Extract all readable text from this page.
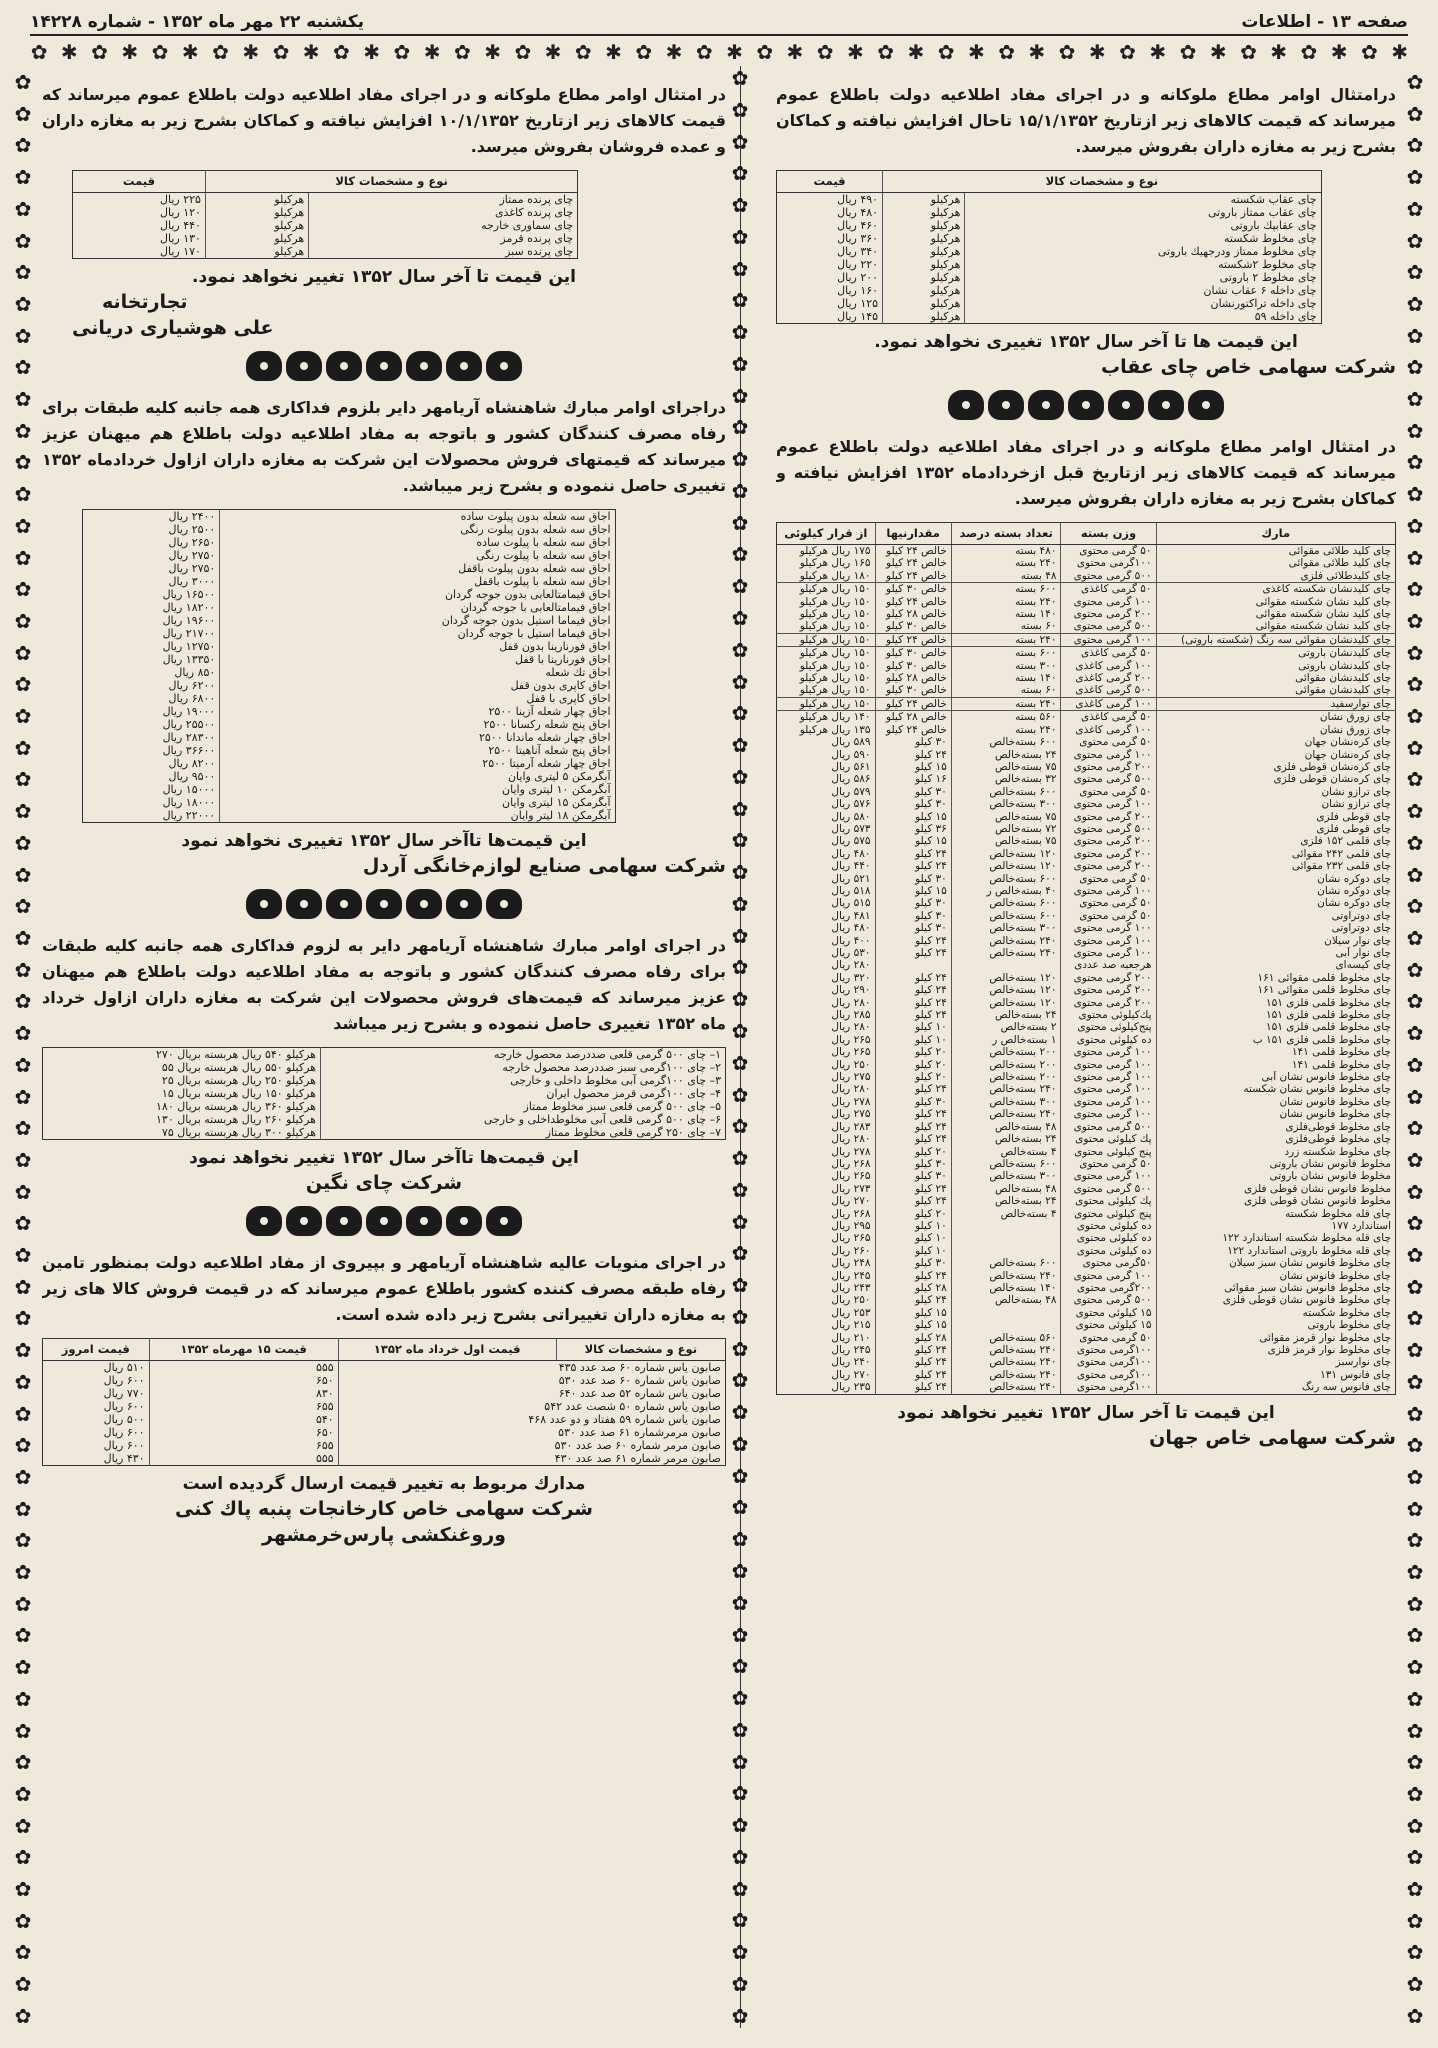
صفحه ۱۳ - اطلاعات
یکشنبه ۲۲ مهر ماه ۱۳۵۲ - شماره ۱۴۲۲۸
✱
✿
✱
✿
✱
✿
✱
✿
✱
✿
✱
✿
✱
✿
✱
✿
✱
✿
✱
✿
✱
✿
✱
✿
✱
✿
✱
✿
✱
✿
✱
✿
✱
✿
✱
✿
✱
✿
✱
✿
✱
✿
✱
✿
✱
✿
✿
✿
✿
✿
✿
✿
✿
✿
✿
✿
✿
✿
✿
✿
✿
✿
✿
✿
✿
✿
✿
✿
✿
✿
✿
✿
✿
✿
✿
✿
✿
✿
✿
✿
✿
✿
✿
✿
✿
✿
✿
✿
✿
✿
✿
✿
✿
✿
✿
✿
✿
✿
✿
✿
✿
✿
✿
✿
✿
✿
✿
✿
✿
✿
✿
✿
✿
✿
✿
✿
✿
✿
✿
✿
✿
✿
✿
✿
✿
✿
✿
✿
✿
✿
✿
✿
✿
✿
✿
✿
✿
✿
✿
✿
✿
✿
✿
✿
✿
✿
✿
✿
✿
✿
✿
✿
✿
✿
✿
✿
✿
✿
✿
✿
✿
✿
✿
✿
✿
✿
✿
✿
✿
✿
✿
✿
✿
✿
✿
✿
✿
✿
✿
✿
✿
✿
✿
✿
✿
✿
✿
✿
✿
✿
✿
✿
✿
✿
✿
✿
✿
✿
✿
✿
✿
✿
✿
✿
✿
✿
✿
✿
✿
✿
✿
✿
✿
✿
✿
✿
✿
✿
✿
✿
✿
✿
✿
✿
✿
✿
✿
✿
✿
✿
✿
✿

درامتثال اوامر مطاع ملوکانه و در اجرای مفاد اطلاعیه دولت باطلاع عموم میرساند که قیمت کالاهای زیر ازتاریخ ۱۵/۱/۱۳۵۲ تاحال افزایش نیافته و کماکان بشرح زیر به مغازه داران بفروش میرسد.

نوع و مشخصات کالا		قیمت
چای عقاب شکسته	هرکیلو	۴۹۰ ریال
چای عقاب ممتاز باروتی	هرکیلو	۴۸۰ ریال
چای عقابپك باروتی	هرکیلو	۴۶۰ ریال
چای مخلوط شکسته	هرکیلو	۳۶۰ ریال
چای مخلوط ممتاز ودرجهیك باروتی	هرکیلو	۳۴۰ ریال
چای مخلوط ۲شکسته	هرکیلو	۲۲۰ ریال
چای مخلوط ۲ باروتی	هرکیلو	۲۰۰ ریال
چای داخله ۶ عقاب نشان	هرکیلو	۱۶۰ ریال
چای داخله تراکتورنشان	هرکیلو	۱۲۵ ریال
چای داخله ۵۹	هرکیلو	۱۴۵ ریال
این قیمت ها تا آخر سال ۱۳۵۲ تغییری نخواهد نمود.
شرکت سهامی خاص چای عقاب

در امتثال اوامر مطاع ملوکانه و در اجرای مفاد اطلاعیه دولت باطلاع عموم میرساند که قیمت کالاهای زیر ازتاریخ قبل ازخردادماه ۱۳۵۲ افزایش نیافته و کماکان بشرح زیر به مغازه داران بفروش میرسد.

مارك	وزن بسته	تعداد بسته درصد	مقدارنیها	از قرار کیلوئی
چای کلید طلائی مقوائی	۵۰ گرمی محتوی	۴۸۰ بسته	خالص ۲۴ کیلو	۱۷۵ ریال هرکیلو
چای کلید طلائی مقوائی	۱۰۰گرمی محتوی	۲۴۰ بسته	خالص ۲۴ کیلو	۱۶۵ ریال هرکیلو
چای کلیدطلائی فلزی	۵۰۰ گرمی محتوی	۴۸ بسته	خالص ۲۴ کیلو	۱۸۰ ریال هرکیلو
چای کلیدنشان شکسته کاغذی	۵۰ گرمی کاغذی	۶۰۰ بسته	خالص ۳۰ کیلو	۱۵۰ ریال هرکیلو
چای کلید نشان شکسته مقوائی	۱۰۰ گرمی محتوی	۲۴۰ بسته	خالص ۲۴ کیلو	۱۵۰ ریال هرکیلو
چای کلید نشان شکسته مقوائی	۲۰۰ گرمی محتوی	۱۴۰ بسته	خالص ۲۸ کیلو	۱۵۰ ریال هرکیلو
چای کلید نشان شکسته مقوائی	۵۰۰ گرمی محتوی	۶۰ بسته	خالص ۳۰ کیلو	۱۵۰ ریال هرکیلو
چای کلیدنشان مقوائی سه رنگ (شکسته باروتی)	۱۰۰ گرمی محتوی	۲۴۰ بسته	خالص ۲۴ کیلو	۱۵۰ ریال هرکیلو
چای کلیدنشان باروتی	۵۰ گرمی کاغذی	۶۰۰ بسته	خالص ۳۰ کیلو	۱۵۰ ریال هرکیلو
چای کلیدنشان باروتی	۱۰۰ گرمی کاغذی	۳۰۰ بسته	خالص ۳۰ کیلو	۱۵۰ ریال هرکیلو
چای کلیدنشان مقوائی	۲۰۰ گرمی کاغذی	۱۴۰ بسته	خالص ۲۸ کیلو	۱۵۰ ریال هرکیلو
چای کلیدنشان مقوائی	۵۰۰ گرمی کاغذی	۶۰ بسته	خالص ۳۰ کیلو	۱۵۰ ریال هرکیلو
چای توارسفید	۱۰۰ گرمی کاغذی	۲۴۰ بسته	خالص ۲۴ کیلو	۱۵۰ ریال هرکیلو
چای زورق نشان	۵۰ گرمی کاغذی	۵۶۰ بسته	خالص ۲۸ کیلو	۱۴۰ ریال هرکیلو
چای زورق نشان	۱۰۰ گرمی کاغذی	۲۴۰ بسته	خالص ۲۴ کیلو	۱۳۵ ریال هرکیلو
چای کره‌نشان جهان	۵۰ گرمی محتوی	۶۰۰ بسته‌خالص	۳۰ کیلو	۵۸۹ ریال
چای کره‌نشان جهان	۱۰۰ گرمی محتوی	۲۴ بسته‌خالص	۲۴ کیلو	۵۹۰ ریال
چای کره‌نشان قوطی فلزی	۲۰۰ گرمی محتوی	۷۵ بسته‌خالص	۱۵ کیلو	۵۶۱ ریال
چای کره‌نشان قوطی فلزی	۵۰۰ گرمی محتوی	۳۲ بسته‌خالص	۱۶ کیلو	۵۸۶ ریال
چای ترازو نشان	۵۰ گرمی محتوی	۶۰۰ بسته‌خالص	۳۰ کیلو	۵۷۹ ریال
چای ترازو نشان	۱۰۰ گرمی محتوی	۳۰۰ بسته‌خالص	۳۰ کیلو	۵۷۶ ریال
چای قوطی فلزی	۲۰۰ گرمی محتوی	۷۵ بسته‌خالص	۱۵ کیلو	۵۸۰ ریال
چای قوطی فلزی	۵۰۰ گرمی محتوی	۷۲ بسته‌خالص	۳۶ کیلو	۵۷۳ ریال
چای قلمی ۱۵۲ فلزی	۲۰۰ گرمی محتوی	۷۵ بسته‌خالص	۱۵ کیلو	۵۷۵ ریال
چای قلمی ۲۴۲ مقوائی	۲۰۰ گرمی محتوی	۱۲۰ بسته‌خالص	۲۴ کیلو	۴۸۰ ریال
چای قلمی ۲۳۲ مقوائی	۲۰۰ گرمی محتوی	۱۲۰ بسته‌خالص	۲۴ کیلو	۴۴۰ ریال
چای دوکره نشان	۵۰ گرمی محتوی	۶۰۰ بسته‌خالص	۳۰ کیلو	۵۲۱ ریال
چای دوکره نشان	۱۰۰ گرمی محتوی	۴۰ بسته‌خالص ر	۱۵ کیلو	۵۱۸ ریال
چای دوکره نشان	۵۰ گرمی محتوی	۶۰۰ بسته‌خالص	۳۰ کیلو	۵۱۵ ریال
چای دوتراوتی	۵۰ گرمی محتوی	۶۰۰ بسته‌خالص	۳۰ کیلو	۴۸۱ ریال
چای دوتراوتی	۱۰۰ گرمی محتوی	۳۰۰ بسته‌خالص	۳۰ کیلو	۴۸۰ ریال
چای نوار سیلان	۱۰۰ گرمی محتوی	۲۴۰ بسته‌خالص	۲۴ کیلو	۴۰۰ ریال
چای نوار آبی	۱۰۰ گرمی محتوی	۲۴۰ بسته‌خالص	۲۴ کیلو	۵۳۰ ریال
چای کیسه‌ای	هرجعبه صد عددی			۲۸۰ ریال
چای مخلوط قلمی مقوائی ۱۶۱	۲۰۰ گرمی محتوی	۱۲۰ بسته‌خالص	۲۴ کیلو	۳۲۰ ریال
چای مخلوط قلمی مقوائی ۱۶۱	۲۰۰ گرمی محتوی	۱۲۰ بسته‌خالص	۲۴ کیلو	۲۹۰ ریال
چای مخلوط قلمی فلزی ۱۵۱	۲۰۰ گرمی محتوی	۱۲۰ بسته‌خالص	۲۴ کیلو	۲۸۰ ریال
چای مخلوط قلمی فلزی ۱۵۱	پك‌کیلوئی محتوی	۲۴ بسته‌خالص	۲۴ کیلو	۲۸۵ ریال
چای مخلوط قلمی فلزی ۱۵۱	پنج‌کیلوئی محتوی	۲ بسته‌خالص	۱۰ کیلو	۲۸۰ ریال
چای مخلوط قلمی فلزی ۱۵۱ ب	ده کیلوئی محتوی	۱ بسته‌خالص ر	۱۰ کیلو	۲۶۵ ریال
چای مخلوط قلمی ۱۴۱	۱۰۰ گرمی محتوی	۲۰۰ بسته‌خالص	۲۰ کیلو	۲۶۵ ریال
چای مخلوط قلمی ۱۴۱	۱۰۰ گرمی محتوی	۲۰۰ بسته‌خالص	۲۰ کیلو	۲۵۰ ریال
چای مخلوط فانوس نشان آبی	۱۰۰ گرمی محتوی	۲۰۰ بسته‌خالص	۲۰ کیلو	۲۷۵ ریال
چای مخلوط فانوس نشان شکسته	۱۰۰ گرمی محتوی	۲۴۰ بسته‌خالص	۲۴ کیلو	۲۸۰ ریال
چای مخلوط فانوس نشان	۱۰۰ گرمی محتوی	۳۰۰ بسته‌خالص	۳۰ کیلو	۲۷۸ ریال
چای مخلوط فانوس نشان	۱۰۰ گرمی محتوی	۲۴۰ بسته‌خالص	۲۴ کیلو	۲۷۵ ریال
چای مخلوط قوطی‌فلزی	۵۰۰ گرمی محتوی	۴۸ بسته‌خالص	۲۴ کیلو	۲۸۳ ریال
چای مخلوط قوطی‌فلزی	پك کیلوئی محتوی	۲۴ بسته‌خالص	۲۴ کیلو	۲۸۰ ریال
چای مخلوط شکسته زرد	پنج کیلوئی محتوی	۴ بسته‌خالص	۲۰ کیلو	۲۷۸ ریال
مخلوط فانوس نشان باروتی	۵۰ گرمی محتوی	۶۰۰ بسته‌خالص	۳۰ کیلو	۲۶۸ ریال
مخلوط فانوس نشان باروتی	۱۰۰ گرمی محتوی	۳۰۰ بسته‌خالص	۳۰ کیلو	۲۶۵ ریال
مخلوط فانوس نشان قوطی فلزی	۵۰۰ گرمی محتوی	۴۸ بسته‌خالص	۲۴ کیلو	۲۷۳ ریال
مخلوط فانوس نشان قوطی فلزی	پك کیلوئی محتوی	۲۴ بسته‌خالص	۲۴ کیلو	۲۷۰ ریال
چای قله مخلوط شکسته	پنج کیلوئی محتوی	۴ بسته‌خالص	۲۰ کیلو	۲۶۸ ریال
استاندارد ۱۷۷	ده کیلوئی محتوی		۱۰ کیلو	۲۹۵ ریال
چای قله مخلوط شکسته استاندارد ۱۲۲	ده کیلوئی محتوی		۱۰ کیلو	۲۶۵ ریال
چای قله مخلوط باروتی استاندارد ۱۲۲	ده کیلوئی محتوی		۱۰ کیلو	۲۶۰ ریال
چای مخلوط فانوس نشان سبز سیلان	۵۰گرمی محتوی	۶۰۰ بسته‌خالص	۳۰ کیلو	۲۴۸ ریال
چای مخلوط فانوس نشان	۱۰۰ گرمی محتوی	۲۴۰ بسته‌خالص	۲۴ کیلو	۲۴۵ ریال
چای مخلوط فانوس نشان سبز مقوائی	۲۰۰گرمی محتوی	۱۴۰ بسته‌خالص	۲۸ کیلو	۲۴۳ ریال
چای مخلوط فانوس نشان قوطی فلزی	۵۰۰ گرمی محتوی	۴۸ بسته‌خالص	۲۴ کیلو	۲۵۰ ریال
چای مخلوط شکسته	۱۵ کیلوئی محتوی		۱۵ کیلو	۲۵۳ ریال
چای مخلوط باروتی	۱۵ کیلوئی محتوی		۱۵ کیلو	۲۱۵ ریال
چای مخلوط نوار قرمز مقوائی	۵۰ گرمی محتوی	۵۶۰ بسته‌خالص	۲۸ کیلو	۲۱۰ ریال
چای مخلوط نوار قرمز فلزی	۱۰۰گرمی محتوی	۲۴۰ بسته‌خالص	۲۴ کیلو	۲۴۵ ریال
چای نوارسبز	۱۰۰گرمی محتوی	۲۴۰ بسته‌خالص	۲۴ کیلو	۲۴۰ ریال
چای فانوس ۱۳۱	۱۰۰گرمی محتوی	۲۴۰ بسته‌خالص	۲۴ کیلو	۲۷۰ ریال
چای فانوس سه رنگ	۱۰۰گرمی محتوی	۲۴۰ بسته‌خالص	۲۴ کیلو	۲۳۵ ریال
این قیمت تا آخر سال ۱۳۵۲ تغییر نخواهد نمود
شرکت سهامی خاص جهان

در امتثال اوامر مطاع ملوکانه و در اجرای مفاد اطلاعیه دولت باطلاع عموم میرساند که قیمت کالاهای زیر ازتاریخ ۱۰/۱/۱۳۵۲ افزایش نیافته و کماکان بشرح زیر به مغازه داران و عمده فروشان بفروش میرسد.

نوع و مشخصات کالا		قیمت
چای پرنده ممتاز	هرکیلو	۲۲۵ ریال
چای پرنده کاغذی	هرکیلو	۱۲۰ ریال
چای سماوری خارجه	هرکیلو	۴۴۰ ریال
چای پرنده قرمز	هرکیلو	۱۳۰ ریال
چای پرنده سبز	هرکیلو	۱۷۰ ریال
این قیمت تا آخر سال ۱۳۵۲ تغییر نخواهد نمود.
تجارتخانه
علی هوشیاری دریانی

دراجرای اوامر مبارك شاهنشاه آریامهر دایر بلزوم فداکاری همه جانبه کلیه طبقات برای رفاه مصرف کنندگان کشور و باتوجه به مفاد اطلاعیه دولت باطلاع هم میهنان عزیز میرساند که قیمتهای فروش محصولات این شرکت به مغازه داران ازاول خردادماه ۱۳۵۲ تغییری حاصل ننموده و بشرح زیر میباشد.

اجاق سه شعله بدون پیلوت ساده	۲۴۰۰ ریال
اجاق سه شعله بدون پیلوت رنگی	۲۵۰۰ ریال
اجاق سه شعله با پیلوت ساده	۲۶۵۰ ریال
اجاق سه شعله با پیلوت رنگی	۲۷۵۰ ریال
اجاق سه شعله بدون پیلوت باقفل	۲۷۵۰ ریال
اجاق سه شعله با پیلوت باقفل	۳۰۰۰ ریال
اجاق فیمامتالعابی بدون جوجه گردان	۱۶۵۰۰ ریال
اجاق فیمامتالعابی با جوجه گردان	۱۸۲۰۰ ریال
اجاق فیماما استیل بدون جوجه گردان	۱۹۶۰۰ ریال
اجاق فیماما استیل با جوجه گردان	۲۱۷۰۰ ریال
اجاق فورنارینا بدون قفل	۱۲۷۵۰ ریال
اجاق فورنارینا با قفل	۱۳۳۵۰ ریال
اجاق تك شعله	۸۵۰ ریال
اجاق کاپری بدون قفل	۶۲۰۰ ریال
اجاق کاپری با قفل	۶۸۰۰ ریال
اجاق چهار شعله آزینا ۲۵۰۰	۱۹۰۰۰ ریال
اجاق پنج شعله رکسانا ۲۵۰۰	۲۵۵۰۰ ریال
اجاق چهار شعله ماندانا ۲۵۰۰	۲۸۳۰۰ ریال
اجاق پنج شعله آناهیتا ۲۵۰۰	۳۶۶۰۰ ریال
اجاق چهار شعله آرمیتا ۲۵۰۰	۸۲۰۰ ریال
آبگرمکن ۵ لیتری وایان	۹۵۰۰ ریال
آبگرمکن ۱۰ لیتری وایان	۱۵۰۰۰ ریال
آبگرمکن ۱۵ لیتری وایان	۱۸۰۰۰ ریال
آبگرمکن ۱۸ لیتر وایان	۲۲۰۰۰ ریال
این قیمت‌ها تاآخر سال ۱۳۵۲ تغییری نخواهد نمود
شرکت سهامی صنایع لوازم‌خانگی آردل

در اجرای اوامر مبارك شاهنشاه آریامهر دایر به لزوم فداکاری همه جانبه کلیه طبقات برای رفاه مصرف کنندگان کشور و باتوجه به مفاد اطلاعیه دولت باطلاع هم میهنان عزیز میرساند که قیمت‌های فروش محصولات این شرکت به مغازه داران ازاول خرداد ماه ۱۳۵۲ تغییری حاصل ننموده و بشرح زیر میباشد

۱– چای ۵۰۰ گرمی قلعی صددرصد محصول خارجه	هرکیلو ۵۴۰ ریال هربسته بریال ۲۷۰
۲– چای ۱۰۰گرمی سبز صددرصد محصول خارجه	هرکیلو ۵۵۰ ریال هربسته بریال ۵۵
۳– چای ۱۰۰گرمی آبی مخلوط داخلی و خارجی	هرکیلو ۲۵۰ ریال هربسته بریال ۲۵
۴– چای ۱۰۰گرمی قرمز محصول ایران	هرکیلو ۱۵۰ ریال هربسته بریال ۱۵
۵– چای ۵۰۰ گرمی قلعی سبز مخلوط ممتاز	هرکیلو ۳۶۰ ریال هربسته بریال ۱۸۰
۶– چای ۵۰۰ گرمی قلعی آبی مخلوطداخلی و خارجی	هرکیلو ۲۶۰ ریال هربسته بریال ۱۳۰
۷– چای ۲۵۰ گرمی قلعی مخلوط ممتاز	هرکیلو ۳۰۰ ریال هربسته بریال ۷۵
این قیمت‌ها تاآخر سال ۱۳۵۲ تغییر نخواهد نمود
شرکت چای نگین

در اجرای منویات عالیه شاهنشاه آریامهر و بپیروی از مفاد اطلاعیه دولت بمنظور تامین رفاه طبقه مصرف کننده کشور باطلاع عموم میرساند که در قیمت فروش کالا های زیر به مغازه داران تغییراتی بشرح زیر داده شده است.

نوع و مشخصات کالا	قیمت اول خرداد ماه ۱۳۵۲	قیمت ۱۵ مهرماه ۱۳۵۲	قیمت امروز
صابون یاس شماره ۶۰ صد عدد ۴۳۵		۵۵۵	۵۱۰ ریال
صابون یاس شماره ۶۰ صد عدد ۵۳۰		۶۵۰	۶۰۰ ریال
صابون یاس شماره ۵۲ صد عدد ۶۴۰		۸۳۰	۷۷۰ ریال
صابون یاس شماره ۵۰ شصت عدد ۵۴۲		۶۵۵	۶۰۰ ریال
صابون یاس شماره ۵۹ هفتاد و دو عدد ۴۶۸		۵۴۰	۵۰۰ ریال
صابون مرمرشماره ۶۱ صد عدد ۵۳۰		۶۵۰	۶۰۰ ریال
صابون مرمر شماره ۶۰ صد عدد ۵۳۰		۶۵۵	۶۰۰ ریال
صابون مرمر شماره ۶۱ صد عدد ۴۳۰		۵۵۵	۴۳۰ ریال
مدارك مربوط به تغییر قیمت ارسال گردیده است
شرکت سهامی خاص کارخانجات پنبه پاك کنی
وروغنکشی پارس‌خرمشهر
